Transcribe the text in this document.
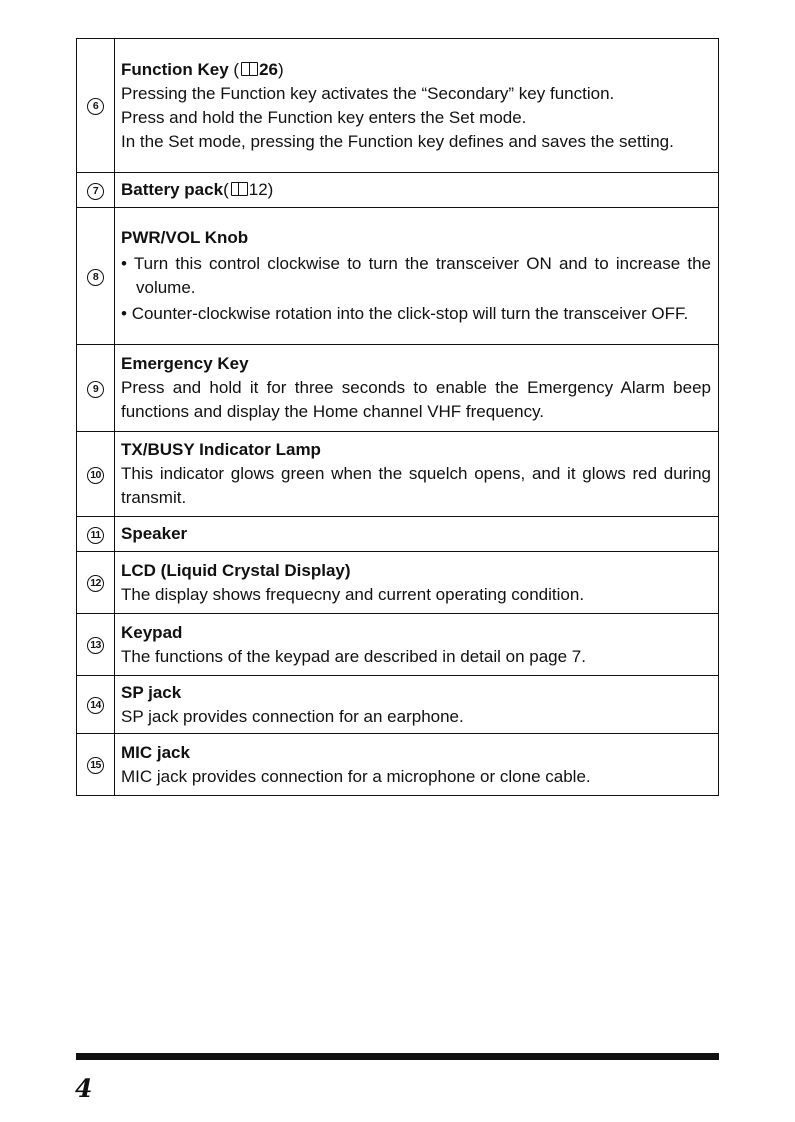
6	Function Key ( 26)
Pressing the Function key activates the “Secondary” key function.
Press and hold the Function key enters the Set mode.
In the Set mode, pressing the Function key defines and saves the setting.

7	Battery pack( 12)

8	PWR/VOL Knob
• Turn this control clockwise to turn the transceiver ON and to increase the volume.
• Counter-clockwise rotation into the click-stop will turn the transceiver OFF.

9	Emergency Key
Press and hold it for three seconds to enable the Emergency Alarm beep functions and display the Home channel VHF frequency.

10	TX/BUSY Indicator Lamp
This indicator glows green when the squelch opens, and it glows red during transmit.

11	Speaker

12	LCD (Liquid Crystal Display)
The display shows frequecny and current operating condition.

13	Keypad
The functions of the keypad are described in detail on page 7.

14	SP jack
SP jack provides connection for an earphone.

15	MIC jack
MIC jack provides connection for a microphone or clone cable.
4
